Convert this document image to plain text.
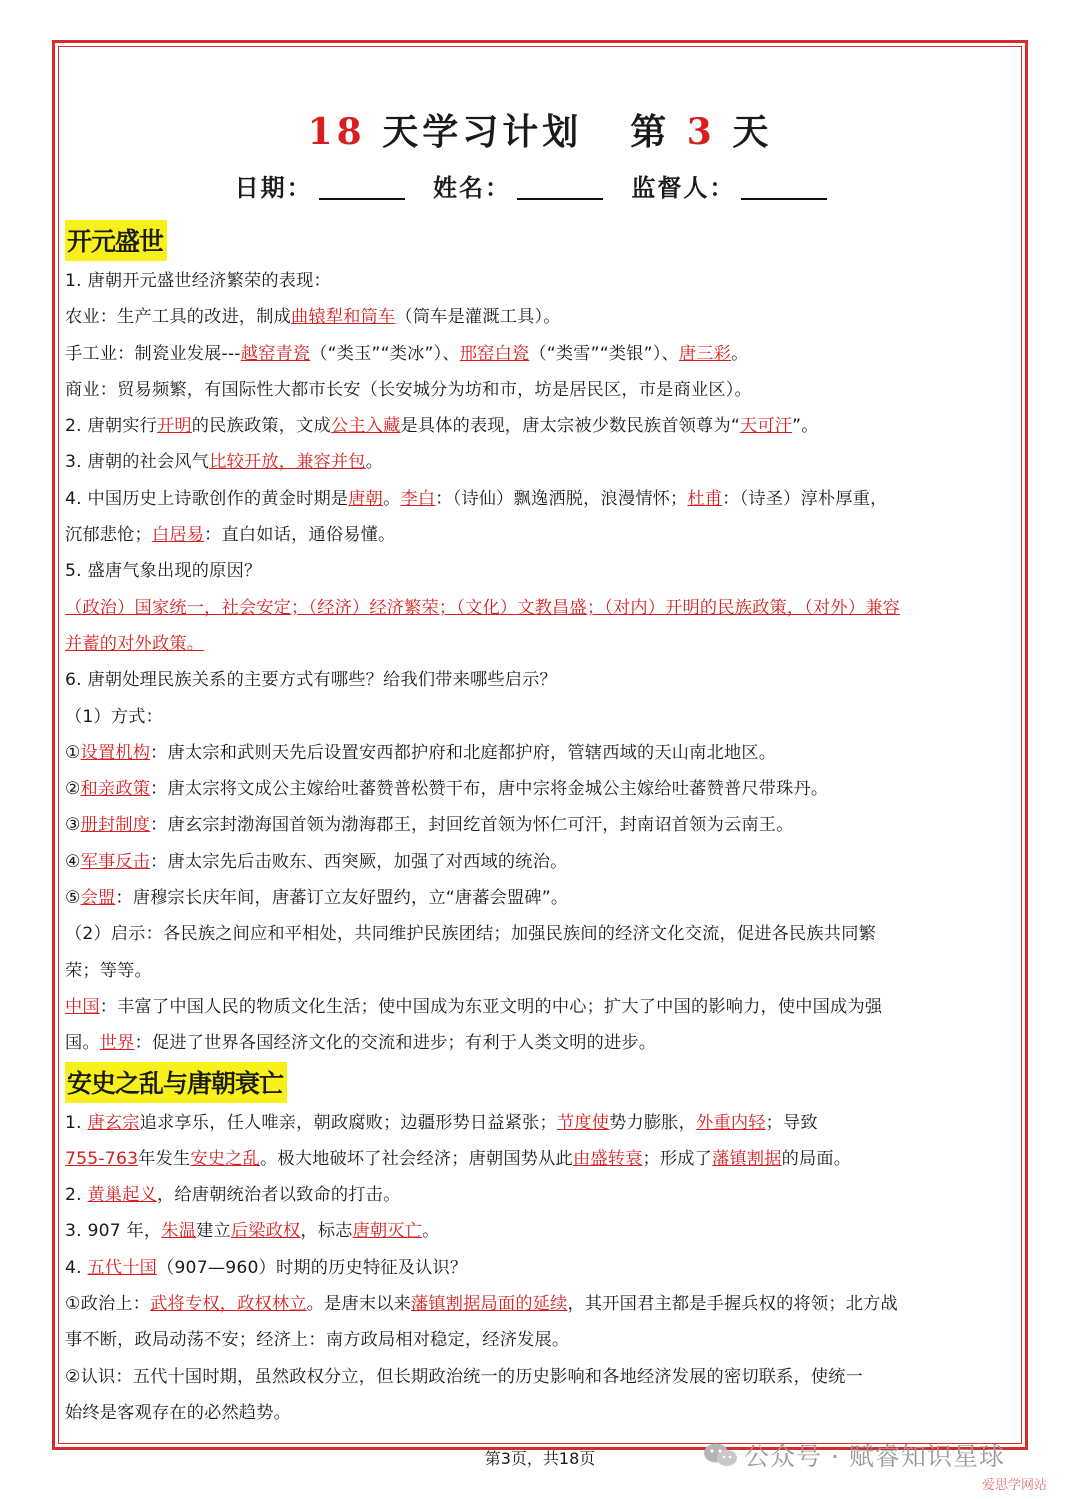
18 天学习计划 第 3 天
日期：	姓名：	监督人：
开元盛世
1. 唐朝开元盛世经济繁荣的表现：
农业：生产工具的改进，制成曲辕犁和筒车（筒车是灌溉工具）。
手工业：制瓷业发展---越窑青瓷（“类玉”“类冰”）、邢窑白瓷（“类雪”“类银”）、唐三彩。
商业：贸易频繁，有国际性大都市长安（长安城分为坊和市，坊是居民区，市是商业区）。
2. 唐朝实行开明的民族政策，文成公主入藏是具体的表现，唐太宗被少数民族首领尊为“天可汗”。
3. 唐朝的社会风气比较开放，兼容并包。
4. 中国历史上诗歌创作的黄金时期是唐朝。李白：（诗仙）飘逸洒脱，浪漫情怀；杜甫：（诗圣）淳朴厚重，
沉郁悲怆；白居易：直白如话，通俗易懂。
5. 盛唐气象出现的原因？
（政治）国家统一，社会安定；（经济）经济繁荣；（文化）文教昌盛；（对内）开明的民族政策，（对外）兼容
并蓄的对外政策。
6. 唐朝处理民族关系的主要方式有哪些？给我们带来哪些启示？
（1）方式：
①设置机构：唐太宗和武则天先后设置安西都护府和北庭都护府，管辖西域的天山南北地区。
②和亲政策：唐太宗将文成公主嫁给吐蕃赞普松赞干布，唐中宗将金城公主嫁给吐蕃赞普尺带珠丹。
③册封制度：唐玄宗封渤海国首领为渤海郡王，封回纥首领为怀仁可汗，封南诏首领为云南王。
④军事反击：唐太宗先后击败东、西突厥，加强了对西域的统治。
⑤会盟：唐穆宗长庆年间，唐蕃订立友好盟约，立“唐蕃会盟碑”。
（2）启示：各民族之间应和平相处，共同维护民族团结；加强民族间的经济文化交流，促进各民族共同繁
荣；等等。
中国：丰富了中国人民的物质文化生活；使中国成为东亚文明的中心；扩大了中国的影响力，使中国成为强
国。世界：促进了世界各国经济文化的交流和进步；有利于人类文明的进步。
安史之乱与唐朝衰亡
1. 唐玄宗追求享乐，任人唯亲，朝政腐败；边疆形势日益紧张；节度使势力膨胀，外重内轻；导致
755-763年发生安史之乱。极大地破坏了社会经济；唐朝国势从此由盛转衰；形成了藩镇割据的局面。
2. 黄巢起义，给唐朝统治者以致命的打击。
3. 907 年，朱温建立后梁政权，标志唐朝灭亡。
4. 五代十国（907—960）时期的历史特征及认识？
①政治上：武将专权，政权林立。是唐末以来藩镇割据局面的延续，其开国君主都是手握兵权的将领；北方战
事不断，政局动荡不安；经济上：南方政局相对稳定，经济发展。
②认识：五代十国时期，虽然政权分立，但长期政治统一的历史影响和各地经济发展的密切联系，使统一
始终是客观存在的必然趋势。
第3页，共18页	公众号 · 赋睿知识星球
爱思学网站
